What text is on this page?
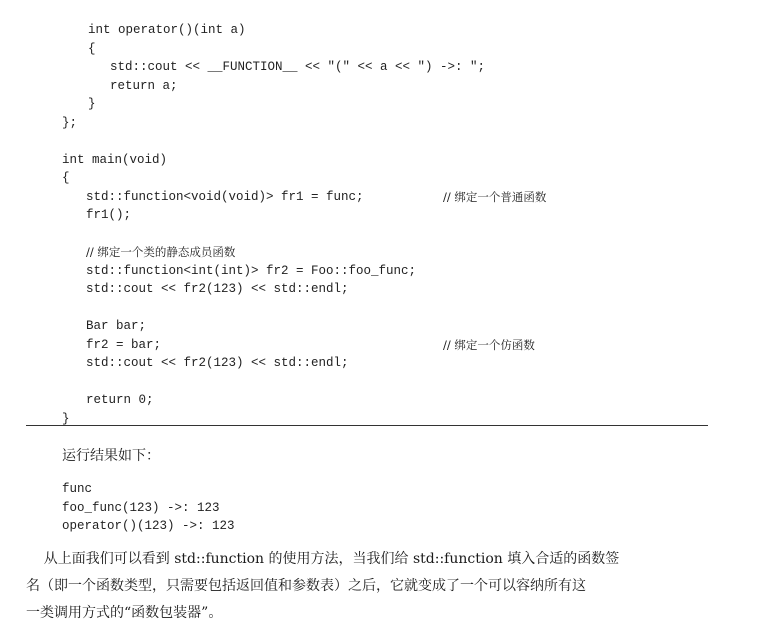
int operator()(int a)
{
std::cout << __FUNCTION__ << "(" << a << ") ->: ";
return a;
}
};
int main(void)
{
std::function<void(void)> fr1 = func;	// 绑定一个普通函数
fr1();
// 绑定一个类的静态成员函数
std::function<int(int)> fr2 = Foo::foo_func;
std::cout << fr2(123) << std::endl;
Bar bar;
fr2 = bar;	// 绑定一个仿函数
std::cout << fr2(123) << std::endl;
return 0;
}
运行结果如下：
func
foo_func(123) ->: 123
operator()(123) ->: 123
从上面我们可以看到 std::function 的使用方法，当我们给 std::function 填入合适的函数签
名（即一个函数类型，只需要包括返回值和参数表）之后，它就变成了一个可以容纳所有这
一类调用方式的“函数包装器”。
